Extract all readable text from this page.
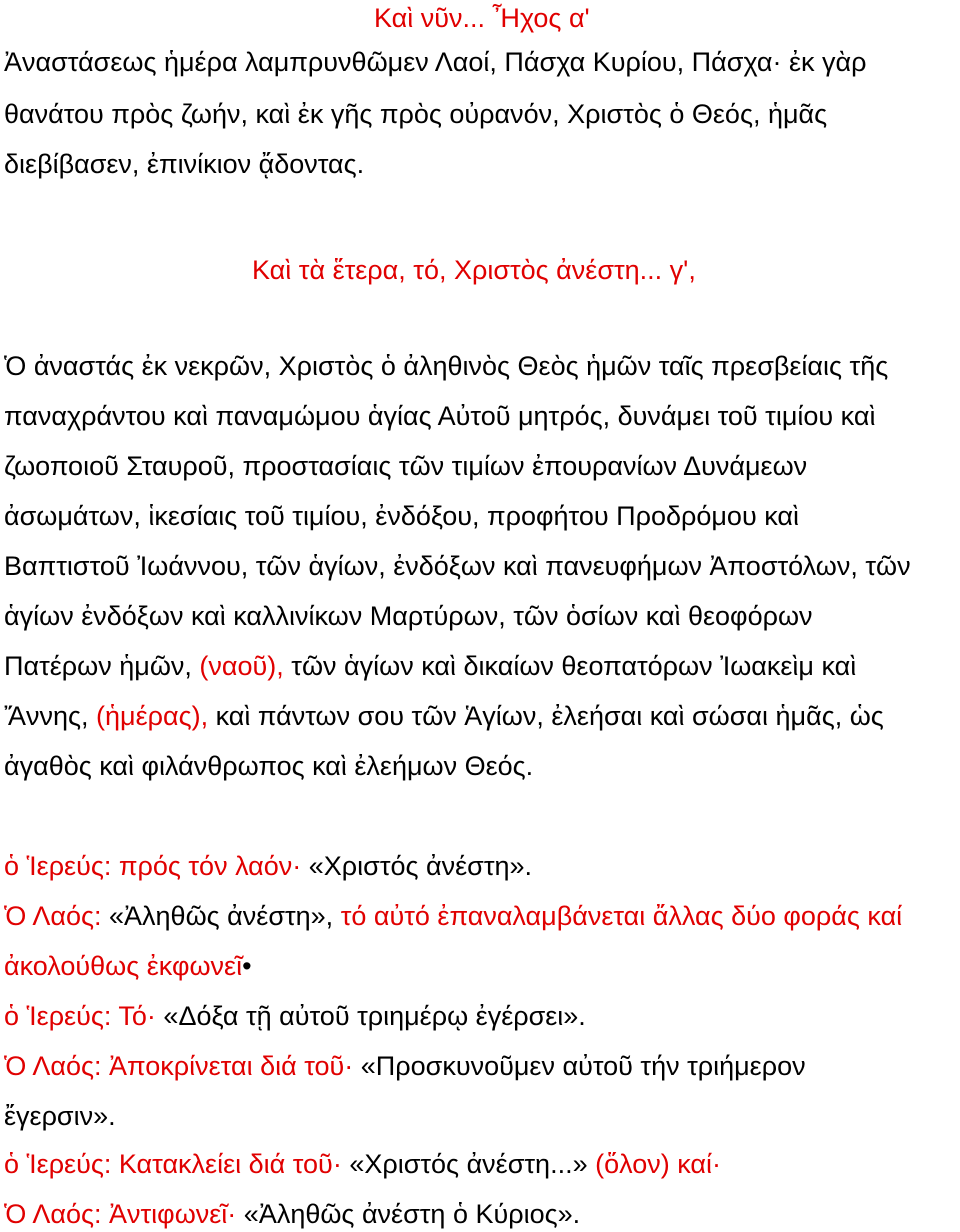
Καὶ νῦν... Ἦχος α'
Ἀναστάσεως ἡμέρα λαμπρυνθῶμεν Λαοί, Πάσχα Κυρίου, Πάσχα· ἐκ γὰρ
θανάτου πρὸς ζωήν, καὶ ἐκ γῆς πρὸς οὐρανόν, Χριστὸς ὁ Θεός, ἡμᾶς
διεβίβασεν, ἐπινίκιον ᾄδοντας.
Καὶ τὰ ἕτερα, τό, Χριστὸς ἀνέστη... γ',
Ὁ ἀναστάς ἐκ νεκρῶν, Χριστὸς ὁ ἀληθινὸς Θεὸς ἡμῶν ταῖς πρεσβείαις τῆς
παναχράντου καὶ παναμώμου ἁγίας Αὐτοῦ μητρός, δυνάμει τοῦ τιμίου καὶ
ζωοποιοῦ Σταυροῦ, προστασίαις τῶν τιμίων ἐπουρανίων Δυνάμεων
ἀσωμάτων, ἱκεσίαις τοῦ τιμίου, ἐνδόξου, προφήτου Προδρόμου καὶ
Βαπτιστοῦ Ἰωάννου, τῶν ἁγίων, ἐνδόξων καὶ πανευφήμων Ἀποστόλων, τῶν
ἁγίων ἐνδόξων καὶ καλλινίκων Μαρτύρων, τῶν ὁσίων καὶ θεοφόρων
Πατέρων ἡμῶν, (ναοῦ), τῶν ἁγίων καὶ δικαίων θεοπατόρων Ἰωακεὶμ καὶ
Ἄννης, (ἡμέρας), καὶ πάντων σου τῶν Ἁγίων, ἐλεήσαι καὶ σώσαι ἡμᾶς, ὡς
ἀγαθὸς καὶ φιλάνθρωπος καὶ ἐλεήμων Θεός.
ὁ Ἱερεύς: πρός τόν λαόν· «Χριστός ἀνέστη».
Ὁ Λαός: «Ἀληθῶς ἀνέστη», τό αὐτό ἐπαναλαμβάνεται ἄλλας δύο φοράς καί
ἀκολούθως ἐκφωνεῖ•
ὁ Ἱερεύς: Τό· «Δόξα τῇ αὐτοῦ τριημέρῳ ἐγέρσει».
Ὁ Λαός: Ἀποκρίνεται διά τοῦ· «Προσκυνοῦμεν αὐτοῦ τήν τριήμερον
ἔγερσιν».
ὁ Ἱερεύς: Κατακλείει διά τοῦ· «Χριστός ἀνέστη...» (ὅλον) καί·
Ὁ Λαός: Ἀντιφωνεῖ· «Ἀληθῶς ἀνέστη ὁ Κύριος».
